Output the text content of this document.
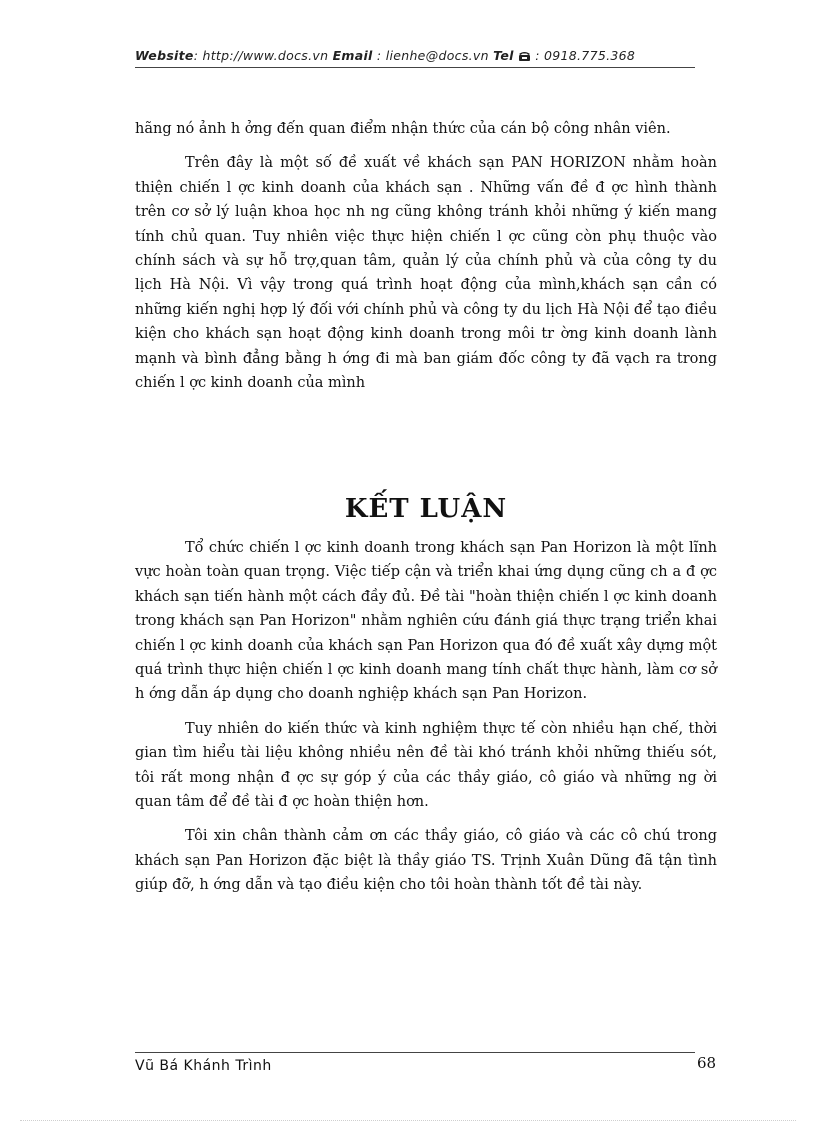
Website: http://www.docs.vn Email : lienhe@docs.vn Tel  : 0918.775.368

hãng nó ảnh h ởng đến quan điểm nhận thức của cán bộ công nhân viên.

Trên đây là một số đề xuất về khách sạn PAN HORIZON nhằm hoàn thiện chiến l ợc kinh doanh của khách sạn . Những vấn đề đ ợc hình thành trên cơ sở lý luận khoa học nh ng cũng không tránh khỏi những ý kiến mang tính chủ quan. Tuy nhiên việc thực hiện chiến l ợc cũng còn phụ thuộc vào chính sách và sự hỗ trợ,quan tâm, quản lý của chính phủ và của công ty du lịch Hà Nội. Vì vậy trong quá trình hoạt động của mình,khách sạn cần có những kiến nghị hợp lý đối với chính phủ và công ty du lịch Hà Nội để tạo điều kiện cho khách sạn hoạt động kinh doanh trong môi tr ờng kinh doanh lành mạnh và bình đẳng bằng h ớng đi mà ban giám đốc công ty đã vạch ra trong chiến l ợc kinh doanh của mình

KẾT LUẬN

Tổ chức chiến l ợc kinh doanh trong khách sạn Pan Horizon là một lĩnh vực hoàn toàn quan trọng. Việc tiếp cận và triển khai ứng dụng cũng ch a đ ợc khách sạn tiến hành một cách đầy đủ. Đề tài "hoàn thiện chiến l ợc kinh doanh trong khách sạn Pan Horizon" nhằm nghiên cứu đánh giá thực trạng triển khai chiến l ợc kinh doanh của khách sạn Pan Horizon qua đó đề xuất xây dựng một quá trình thực hiện chiến l ợc kinh doanh mang tính chất thực hành, làm cơ sở h ớng dẫn áp dụng cho doanh nghiệp khách sạn Pan Horizon.

Tuy nhiên do kiến thức và kinh nghiệm thực tế còn nhiều hạn chế, thời gian tìm hiểu tài liệu không nhiều nên đề tài khó tránh khỏi những thiếu sót, tôi rất mong nhận đ ợc sự góp ý của các thầy giáo, cô giáo và những ng ời quan tâm để đề tài đ ợc hoàn thiện hơn.

Tôi xin chân thành cảm ơn các thầy giáo, cô giáo và các cô chú trong khách sạn Pan Horizon đặc biệt là thầy giáo TS. Trịnh Xuân Dũng đã tận tình giúp đỡ, h ớng dẫn và tạo điều kiện cho tôi hoàn thành tốt đề tài này.

Vũ Bá Khánh Trình	68
